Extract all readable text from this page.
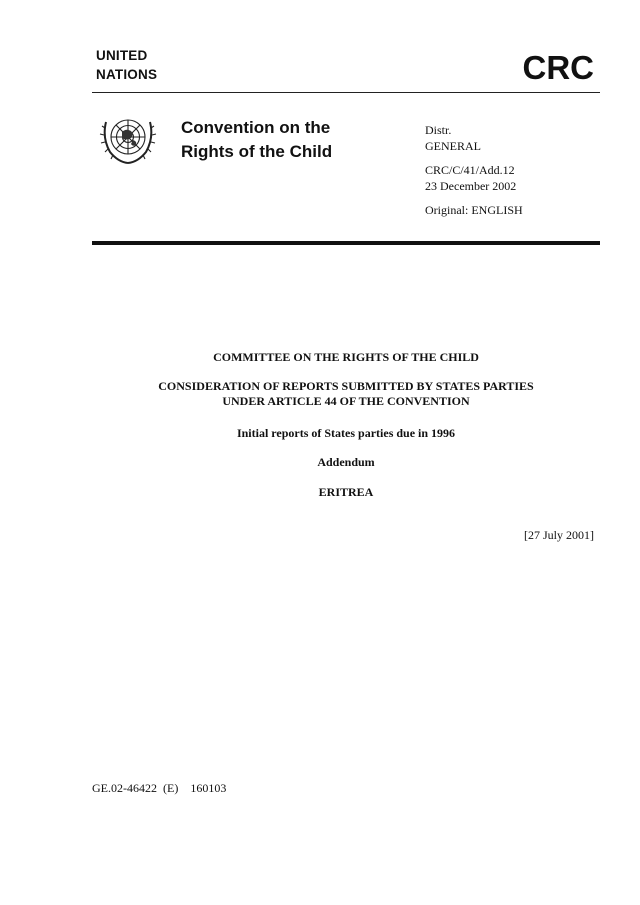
UNITED
NATIONS	CRC
Convention on the
Rights of the Child
Distr.
GENERAL
CRC/C/41/Add.12
23 December 2002
Original: ENGLISH
COMMITTEE ON THE RIGHTS OF THE CHILD
CONSIDERATION OF REPORTS SUBMITTED BY STATES PARTIES
UNDER ARTICLE 44 OF THE CONVENTION
Initial reports of States parties due in 1996
Addendum
ERITREA
[27 July 2001]
GE.02-46422  (E)    160103
